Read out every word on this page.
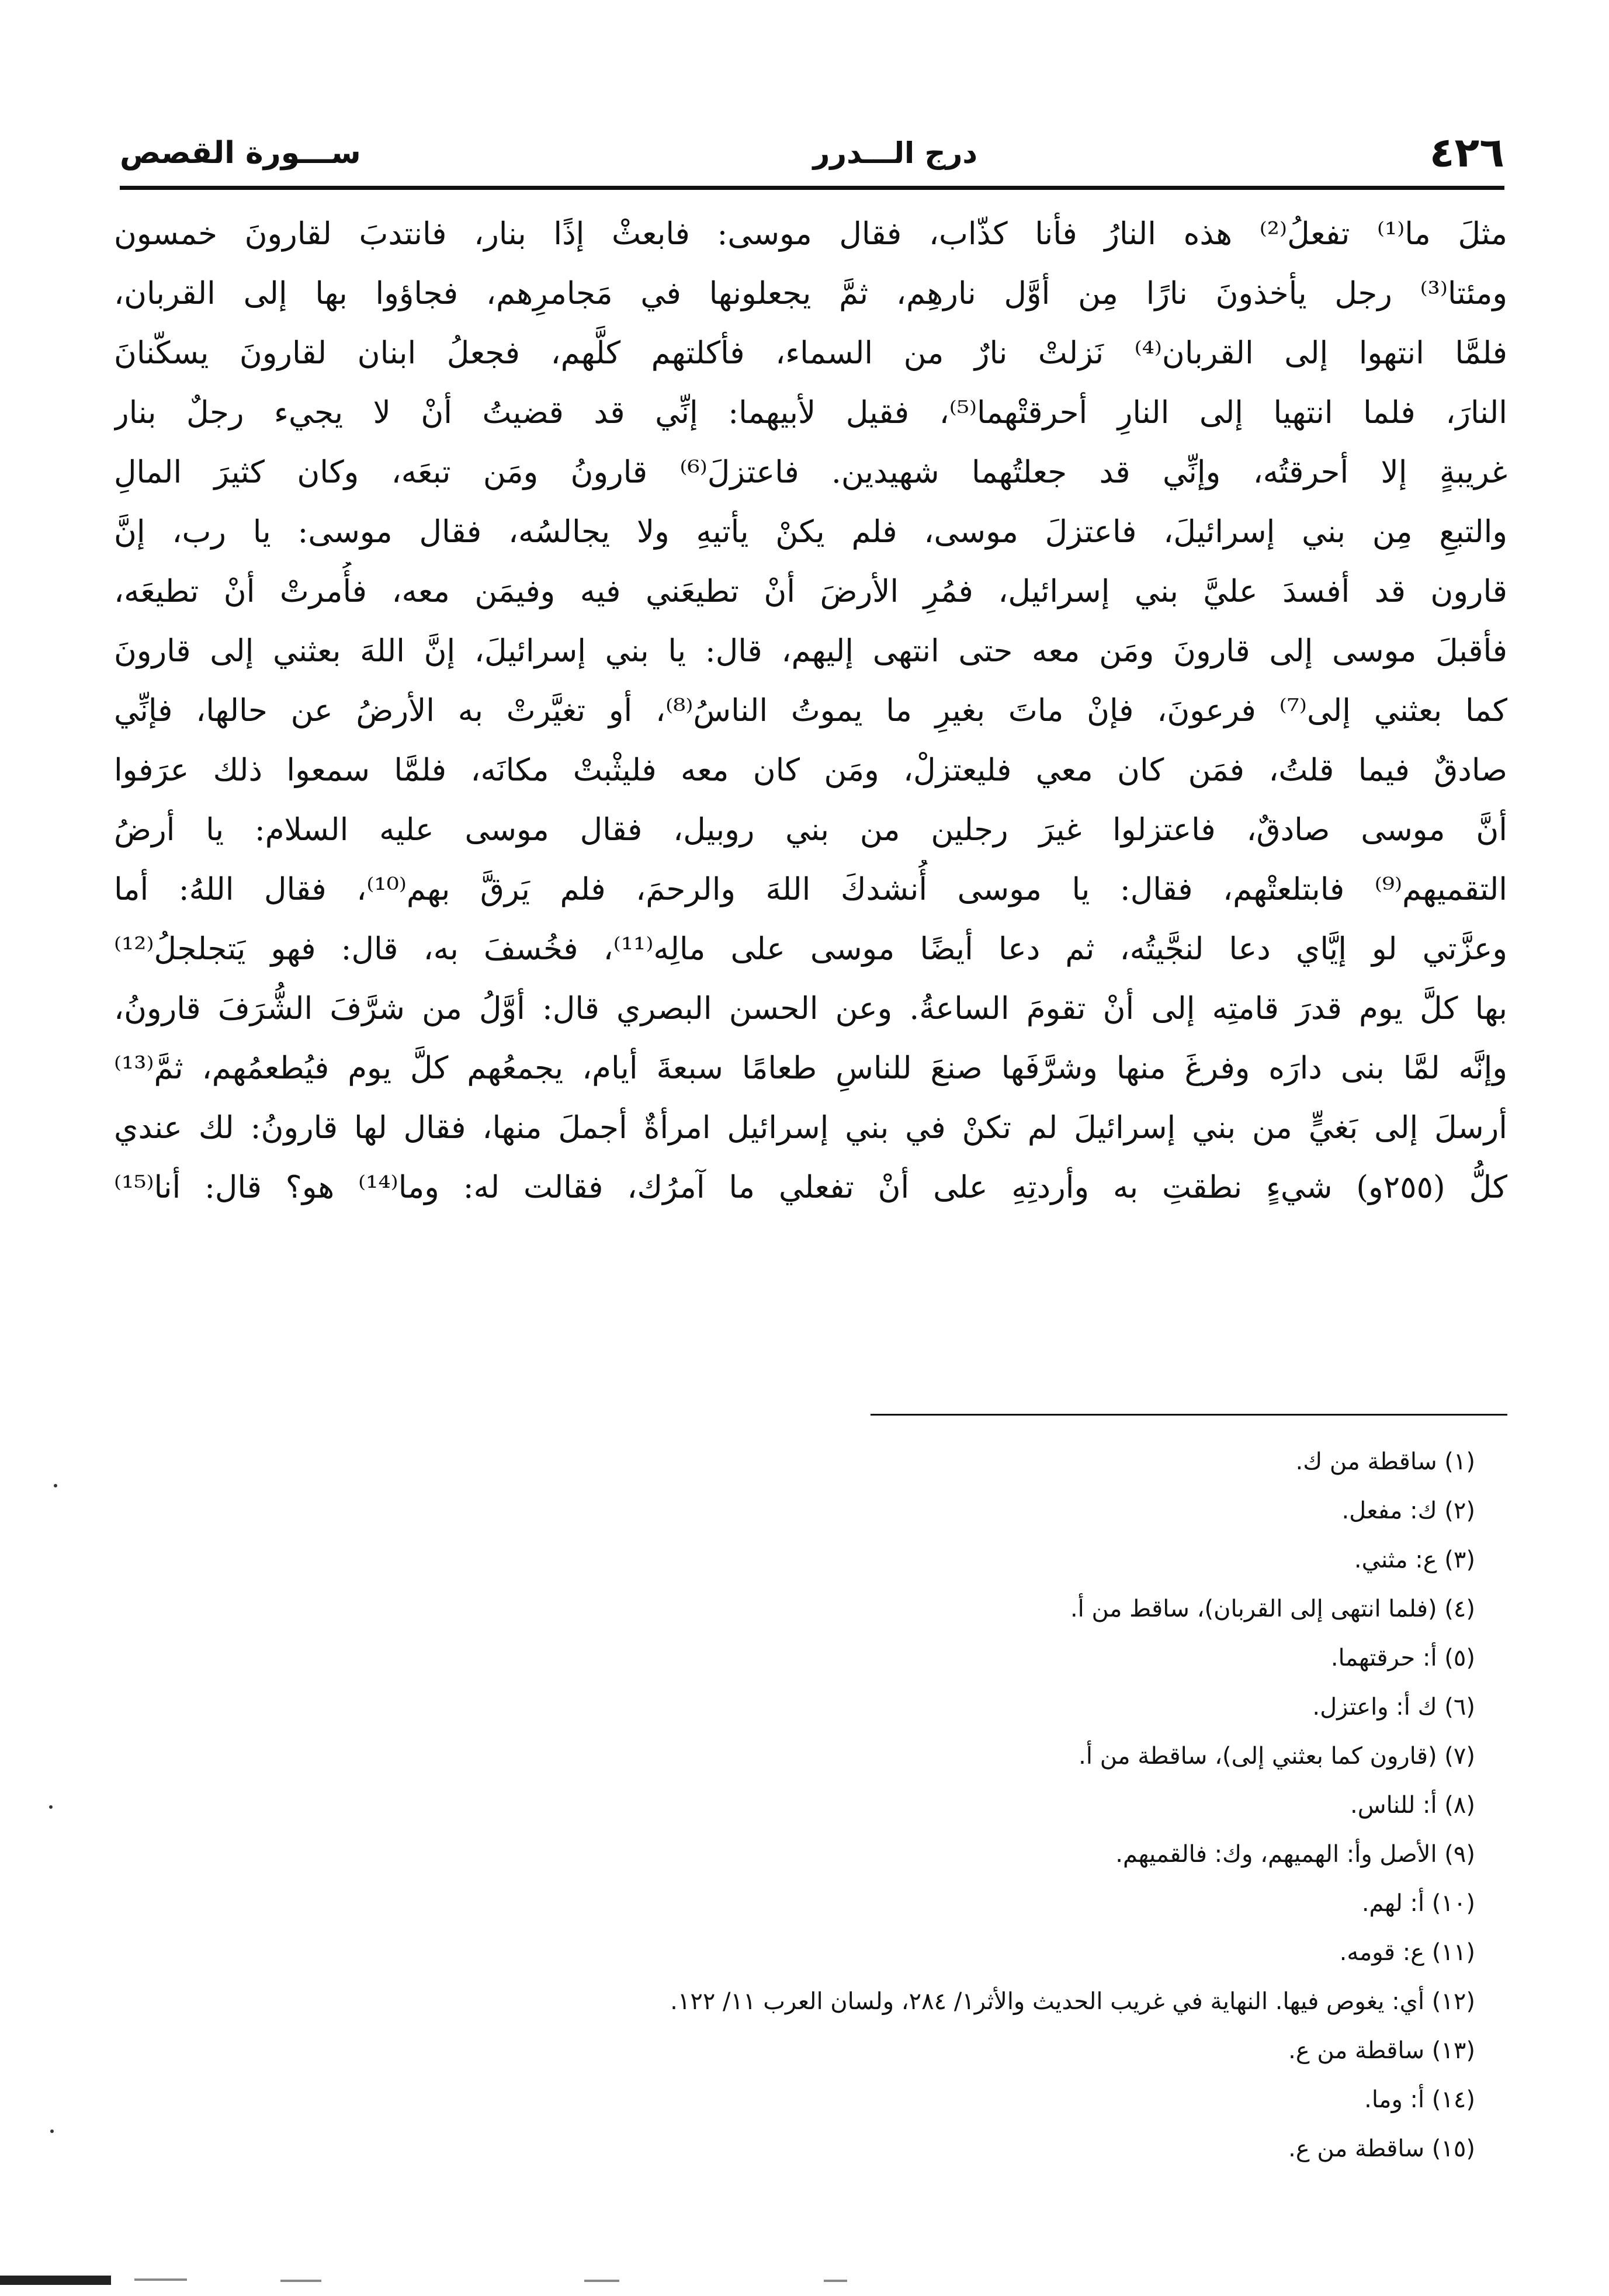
٤٢٦
درج الـــدرر
ســـورة القصص
مثلَ ما⁽¹⁾ تفعلُ⁽²⁾ هذه النارُ فأنا كذّاب، فقال موسى: فابعثْ إذًا بنار، فانتدبَ لقارونَ خمسون
ومئتا⁽³⁾ رجل يأخذونَ نارًا مِن أوَّل نارهِم، ثمَّ يجعلونها في مَجامرِهم، فجاؤوا بها إلى القربان،
فلمَّا انتهوا إلى القربان⁽⁴⁾ نَزلتْ نارٌ من السماء، فأكلتهم كلَّهم، فجعلُ ابنان لقارونَ يسكّنانَ
النارَ، فلما انتهيا إلى النارِ أحرقتْهما⁽⁵⁾، فقيل لأبيهما: إنِّي قد قضيتُ أنْ لا يجيء رجلٌ بنار
غريبةٍ إلا أحرقتُه، وإنِّي قد جعلتُهما شهيدين. فاعتزلَ⁽⁶⁾ قارونُ ومَن تبعَه، وكان كثيرَ المالِ
والتبعِ مِن بني إسرائيلَ، فاعتزلَ موسى، فلم يكنْ يأتيهِ ولا يجالسُه، فقال موسى: يا رب، إنَّ
قارون قد أفسدَ عليَّ بني إسرائيل، فمُرِ الأرضَ أنْ تطيعَني فيه وفيمَن معه، فأُمرتْ أنْ تطيعَه،
فأقبلَ موسى إلى قارونَ ومَن معه حتى انتهى إليهم، قال: يا بني إسرائيلَ، إنَّ اللهَ بعثني إلى قارونَ
كما بعثني إلى⁽⁷⁾ فرعونَ، فإنْ ماتَ بغيرِ ما يموتُ الناسُ⁽⁸⁾، أو تغيَّرتْ به الأرضُ عن حالها، فإنِّي
صادقٌ فيما قلتُ، فمَن كان معي فليعتزلْ، ومَن كان معه فليثْبتْ مكانَه، فلمَّا سمعوا ذلك عرَفوا
أنَّ موسى صادقٌ، فاعتزلوا غيرَ رجلين من بني روبيل، فقال موسى عليه السلام: يا أرضُ
التقميهم⁽⁹⁾ فابتلعتْهم، فقال: يا موسى أُنشدكَ اللهَ والرحمَ، فلم يَرقَّ بهم⁽¹⁰⁾، فقال اللهُ: أما
وعزَّتي لو إيَّاي دعا لنجَّيتُه، ثم دعا أيضًا موسى على مالِه⁽¹¹⁾، فخُسفَ به، قال: فهو يَتجلجلُ⁽¹²⁾
بها كلَّ يوم قدرَ قامتِه إلى أنْ تقومَ الساعةُ. وعن الحسن البصري قال: أوَّلُ من شرَّفَ الشُّرَفَ قارونُ،
وإنَّه لمَّا بنى دارَه وفرغَ منها وشرَّفَها صنعَ للناسِ طعامًا سبعةَ أيام، يجمعُهم كلَّ يوم فيُطعمُهم، ثمَّ⁽¹³⁾
أرسلَ إلى بَغيٍّ من بني إسرائيلَ لم تكنْ في بني إسرائيل امرأةٌ أجملَ منها، فقال لها قارونُ: لك عندي
كلُّ (٢٥٥و) شيءٍ نطقتِ به وأردتِهِ على أنْ تفعلي ما آمرُك، فقالت له: وما⁽¹⁴⁾ هو؟ قال: أنا⁽¹⁵⁾
(١) ساقطة من ك.
(٢) ك: مفعل.
(٣) ع: مثني.
(٤) (فلما انتهى إلى القربان)، ساقط من أ.
(٥) أ: حرقتهما.
(٦) ك أ: واعتزل.
(٧) (قارون كما بعثني إلى)، ساقطة من أ.
(٨) أ: للناس.
(٩) الأصل وأ: الهميهم، وك: فالقميهم.
(١٠) أ: لهم.
(١١) ع: قومه.
(١٢) أي: يغوص فيها. النهاية في غريب الحديث والأثر١/ ٢٨٤، ولسان العرب ١١/ ١٢٢.
(١٣) ساقطة من ع.
(١٤) أ: وما.
(١٥) ساقطة من ع.
